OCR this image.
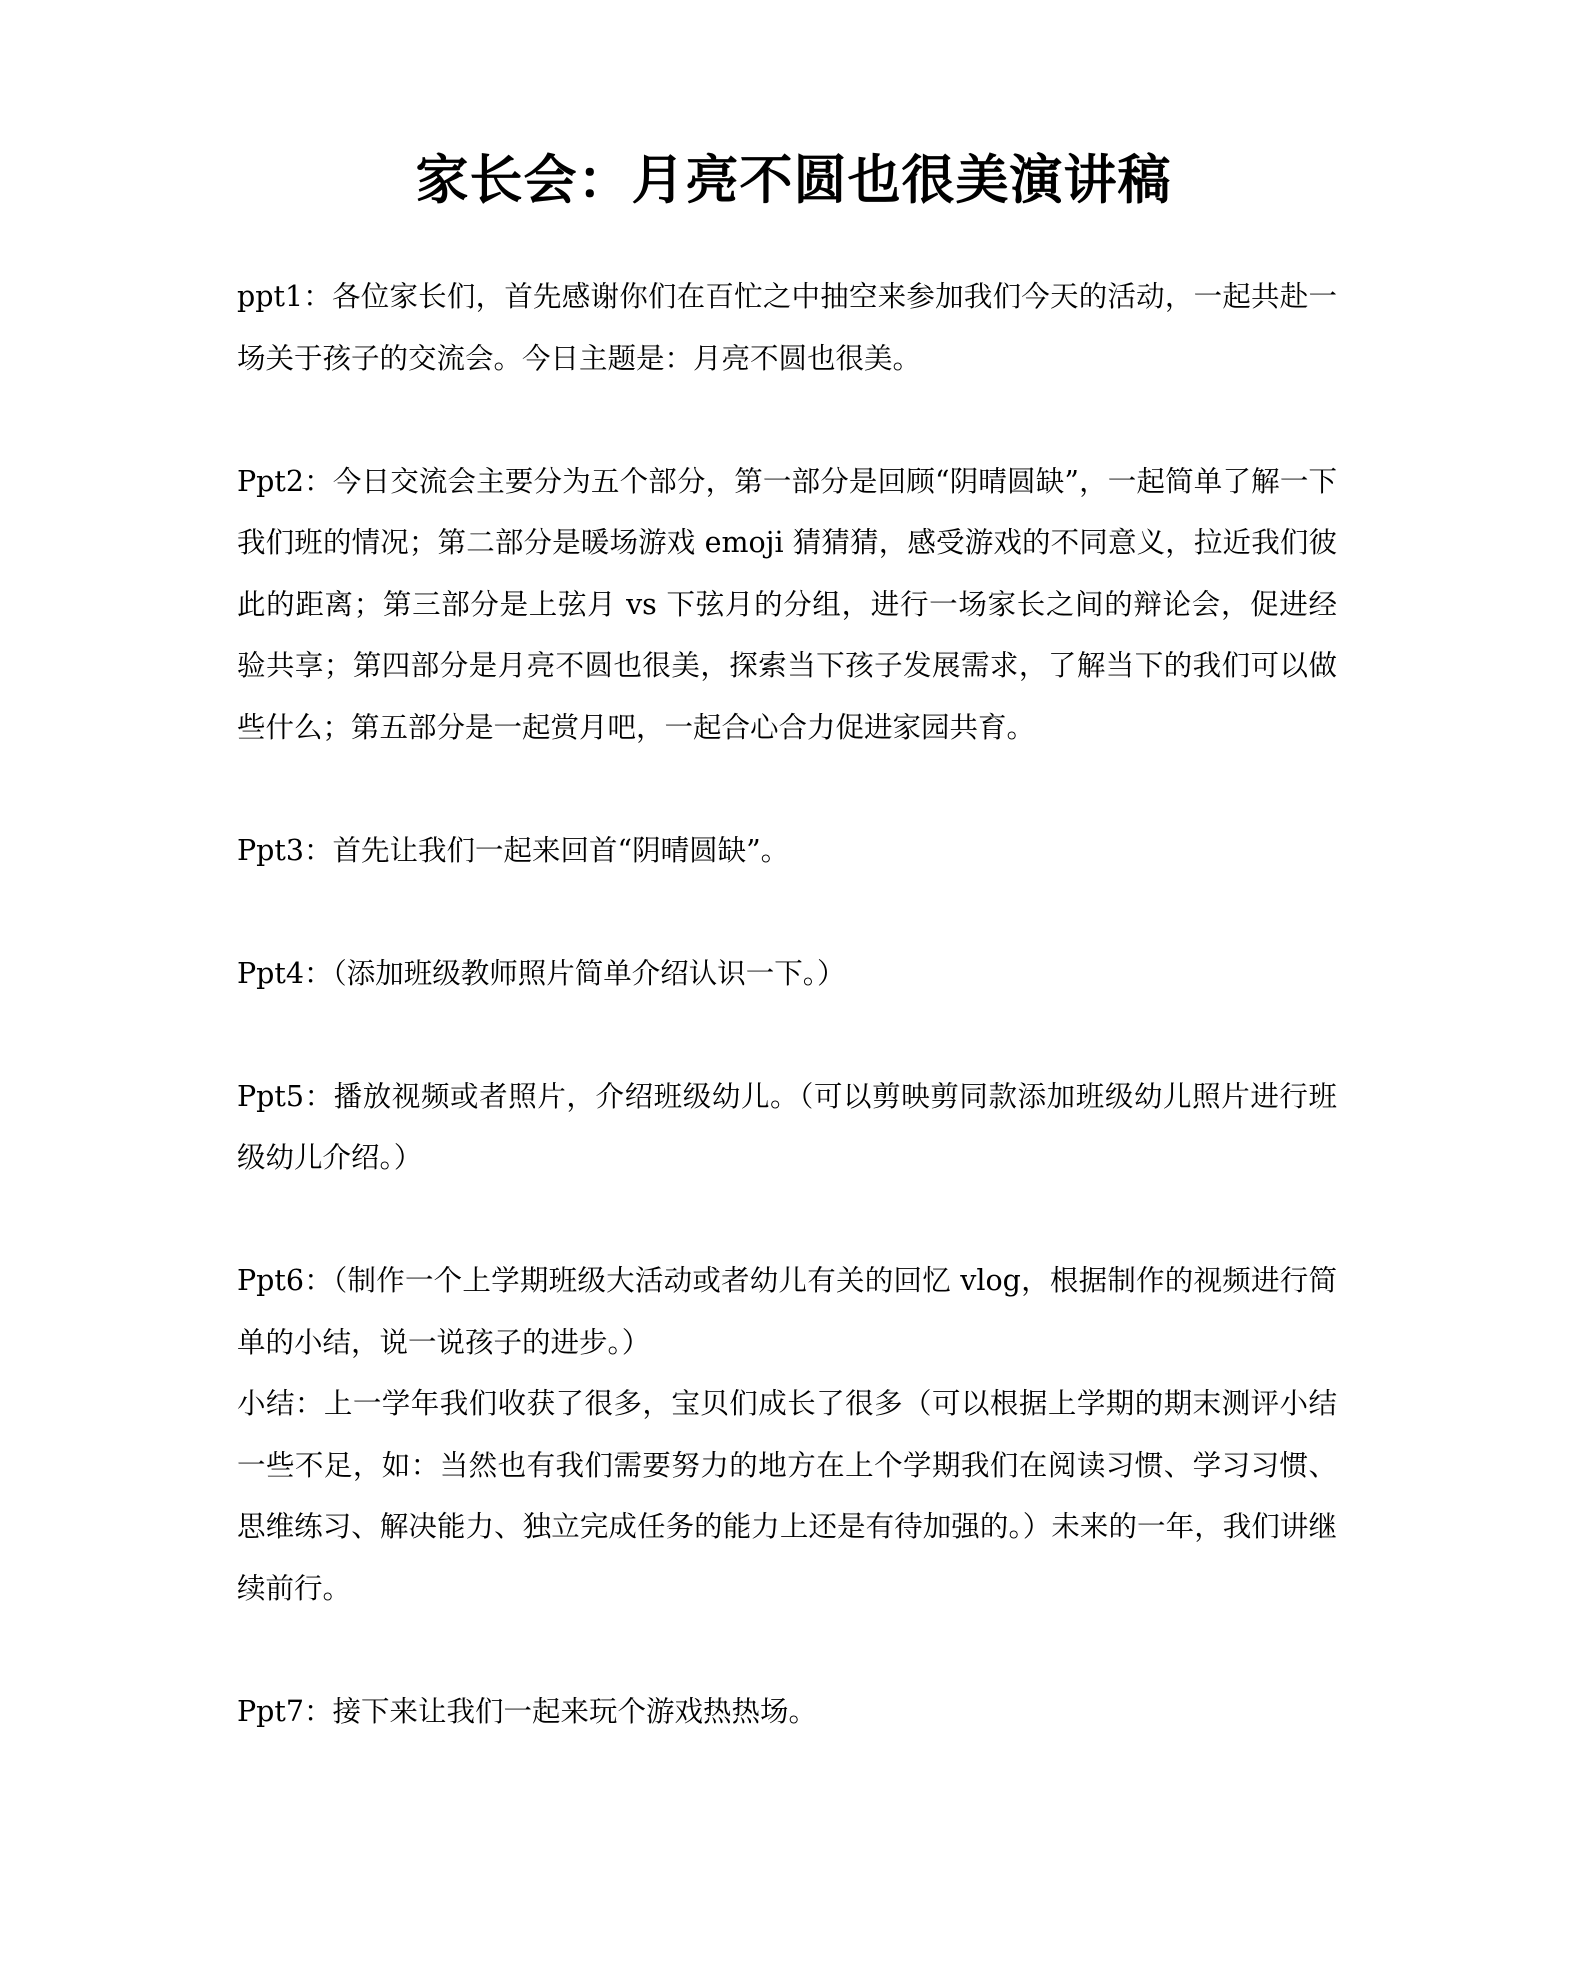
家长会：月亮不圆也很美演讲稿

ppt1：各位家长们，首先感谢你们在百忙之中抽空来参加我们今天的活动，一起共赴一场关于孩子的交流会。今日主题是：月亮不圆也很美。

Ppt2：今日交流会主要分为五个部分，第一部分是回顾“阴晴圆缺”，一起简单了解一下我们班的情况；第二部分是暖场游戏 emoji 猜猜猜，感受游戏的不同意义，拉近我们彼此的距离；第三部分是上弦月 vs 下弦月的分组，进行一场家长之间的辩论会，促进经验共享；第四部分是月亮不圆也很美，探索当下孩子发展需求，了解当下的我们可以做些什么；第五部分是一起赏月吧，一起合心合力促进家园共育。

Ppt3：首先让我们一起来回首“阴晴圆缺”。

Ppt4：（添加班级教师照片简单介绍认识一下。）

Ppt5：播放视频或者照片，介绍班级幼儿。（可以剪映剪同款添加班级幼儿照片进行班级幼儿介绍。）

Ppt6：（制作一个上学期班级大活动或者幼儿有关的回忆 vlog，根据制作的视频进行简单的小结，说一说孩子的进步。）

小结：上一学年我们收获了很多，宝贝们成长了很多（可以根据上学期的期末测评小结一些不足，如：当然也有我们需要努力的地方在上个学期我们在阅读习惯、学习习惯、思维练习、解决能力、独立完成任务的能力上还是有待加强的。）未来的一年，我们讲继续前行。

Ppt7：接下来让我们一起来玩个游戏热热场。
